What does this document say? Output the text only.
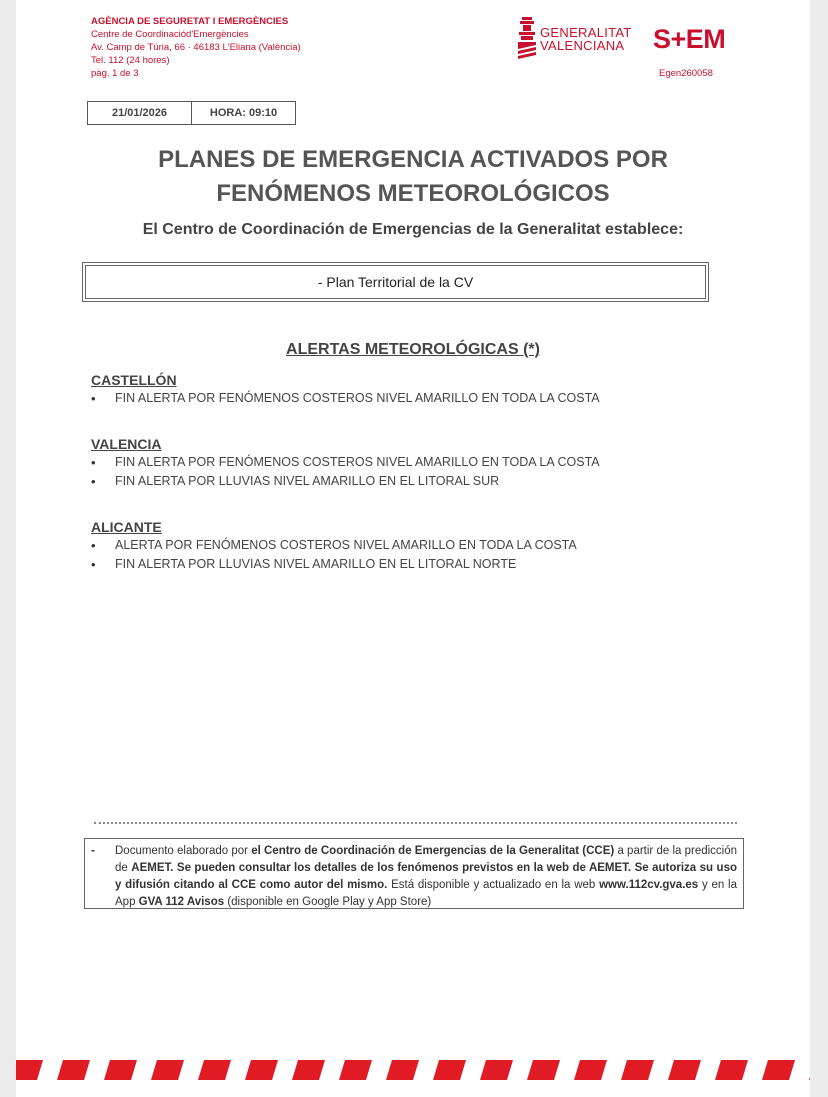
AGÈNCIA DE SEGURETAT I EMERGÈNCIES
Centre de Coordinaciód'Emergències
Av. Camp de Túria, 66 · 46183 L'Eliana (València)
Tel. 112 (24 hores)
pàg. 1 de 3
GENERALITAT
VALENCIANA S+EM
Egen260058
21/01/2026	HORA: 09:10
PLANES DE EMERGENCIA ACTIVADOS POR
FENÓMENOS METEOROLÓGICOS
El Centro de Coordinación de Emergencias de la Generalitat establece:
- Plan Territorial de la CV
ALERTAS METEOROLÓGICAS (*)
CASTELLÓN
• FIN ALERTA POR FENÓMENOS COSTEROS NIVEL AMARILLO EN TODA LA COSTA
VALENCIA
• FIN ALERTA POR FENÓMENOS COSTEROS NIVEL AMARILLO EN TODA LA COSTA
• FIN ALERTA POR LLUVIAS NIVEL AMARILLO EN EL LITORAL SUR
ALICANTE
• ALERTA POR FENÓMENOS COSTEROS NIVEL AMARILLO EN TODA LA COSTA
• FIN ALERTA POR LLUVIAS NIVEL AMARILLO EN EL LITORAL NORTE
- Documento elaborado por el Centro de Coordinación de Emergencias de la Generalitat (CCE) a partir de la predicción de AEMET. Se pueden consultar los detalles de los fenómenos previstos en la web de AEMET. Se autoriza su uso y difusión citando al CCE como autor del mismo. Está disponible y actualizado en la web www.112cv.gva.es y en la App GVA 112 Avisos (disponible en Google Play y App Store)
